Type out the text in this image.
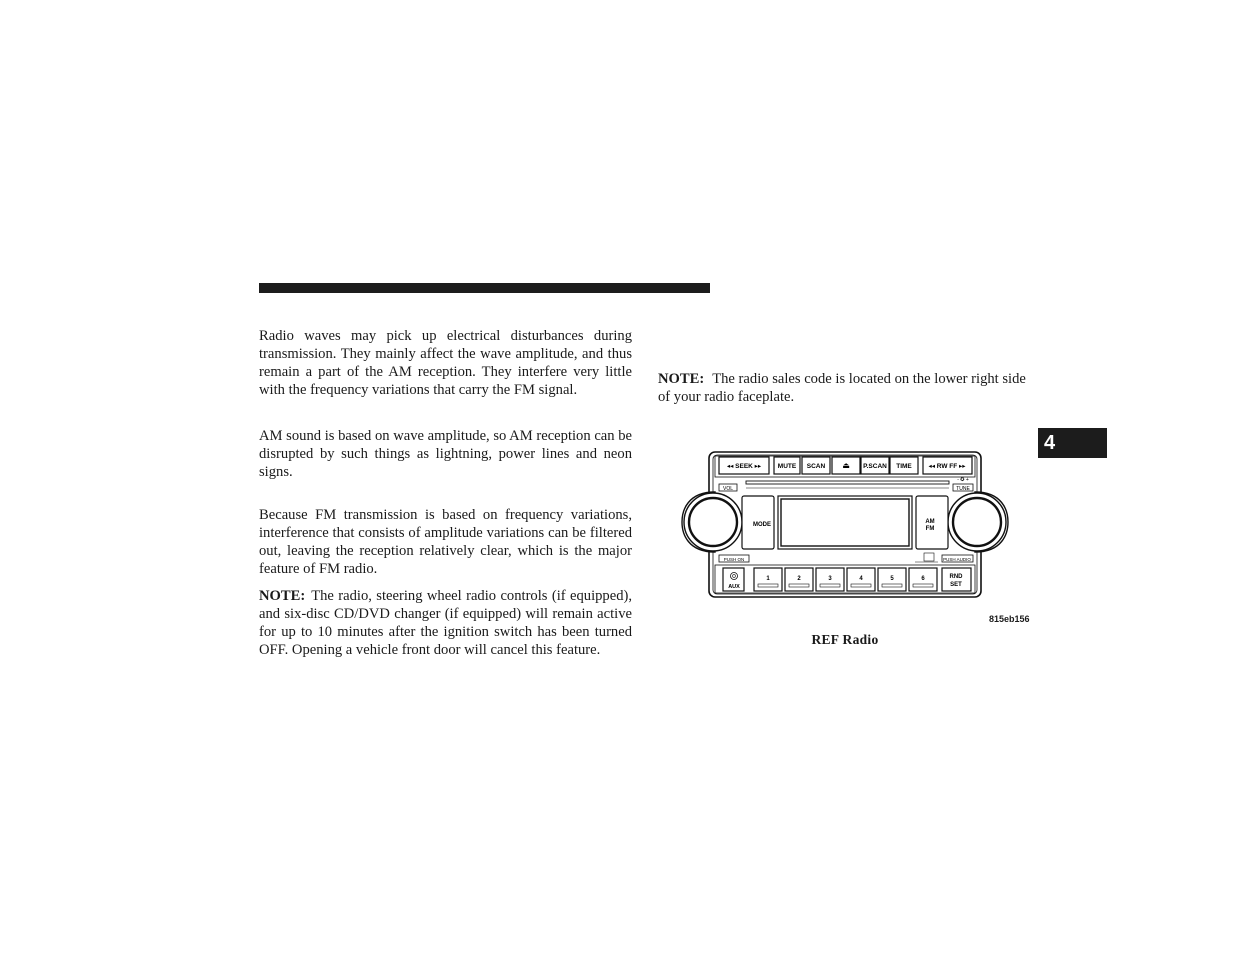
Radio waves may pick up electrical disturbances during transmission. They mainly affect the wave amplitude, and thus remain a part of the AM reception. They interfere very little with the frequency variations that carry the FM signal.

AM sound is based on wave amplitude, so AM reception can be disrupted by such things as lightning, power lines and neon signs.

Because FM transmission is based on frequency variations, interference that consists of amplitude variations can be filtered out, leaving the reception relatively clear, which is the major feature of FM radio.

NOTE: The radio, steering wheel radio controls (if equipped), and six-disc CD/DVD changer (if equipped) will remain active for up to 10 minutes after the ignition switch has been turned OFF. Opening a vehicle front door will cancel this feature.

NOTE: The radio sales code is located on the lower right side of your radio faceplate.

4
◂◂ SEEK ▸▸	MUTE SCAN ⏏ P.SCAN TIME	◂◂ RW FF ▸▸
VOL	TUNE
- ✪ +
MODE	AM
FM
PUSH ON	PUSH AUDIO
AUX
1	2	3	4	5	6	RND
SET
815eb156
REF Radio
